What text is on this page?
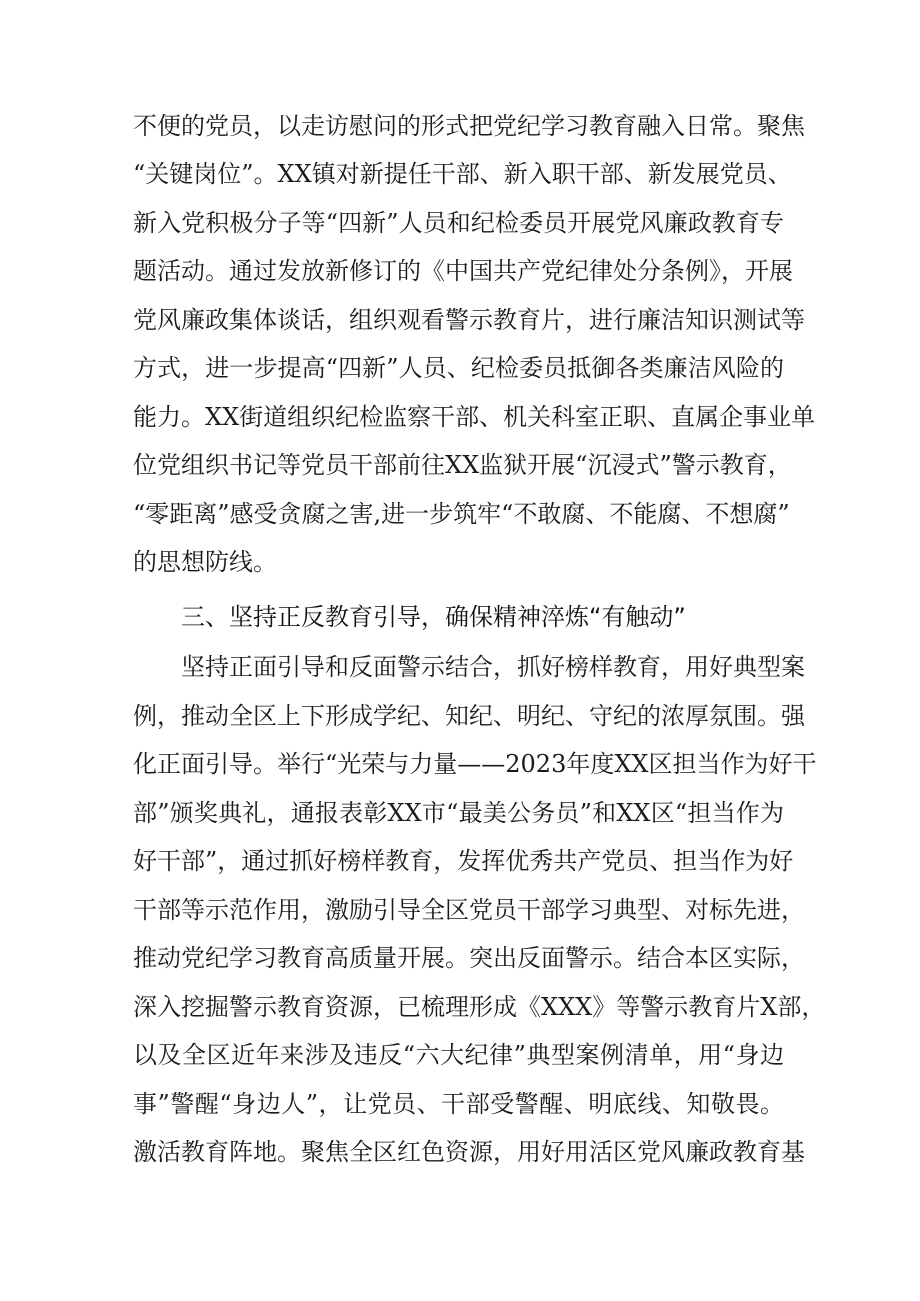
不便的党员，以走访慰问的形式把党纪学习教育融入日常。聚焦
“关键岗位”。XX镇对新提任干部、新入职干部、新发展党员、
新入党积极分子等“四新”人员和纪检委员开展党风廉政教育专
题活动。通过发放新修订的《中国共产党纪律处分条例》，开展
党风廉政集体谈话，组织观看警示教育片，进行廉洁知识测试等
方式，进一步提高“四新”人员、纪检委员抵御各类廉洁风险的
能力。XX街道组织纪检监察干部、机关科室正职、直属企事业单
位党组织书记等党员干部前往XX监狱开展“沉浸式”警示教育，
“零距离”感受贪腐之害,进一步筑牢“不敢腐、不能腐、不想腐”
的思想防线。
三、坚持正反教育引导，确保精神淬炼“有触动”
坚持正面引导和反面警示结合，抓好榜样教育，用好典型案
例，推动全区上下形成学纪、知纪、明纪、守纪的浓厚氛围。强
化正面引导。举行“光荣与力量——2023年度XX区担当作为好干
部”颁奖典礼，通报表彰XX市“最美公务员”和XX区“担当作为
好干部”，通过抓好榜样教育，发挥优秀共产党员、担当作为好
干部等示范作用，激励引导全区党员干部学习典型、对标先进，
推动党纪学习教育高质量开展。突出反面警示。结合本区实际，
深入挖掘警示教育资源，已梳理形成《XXX》等警示教育片X部，
以及全区近年来涉及违反“六大纪律”典型案例清单，用“身边
事”警醒“身边人”，让党员、干部受警醒、明底线、知敬畏。
激活教育阵地。聚焦全区红色资源，用好用活区党风廉政教育基
